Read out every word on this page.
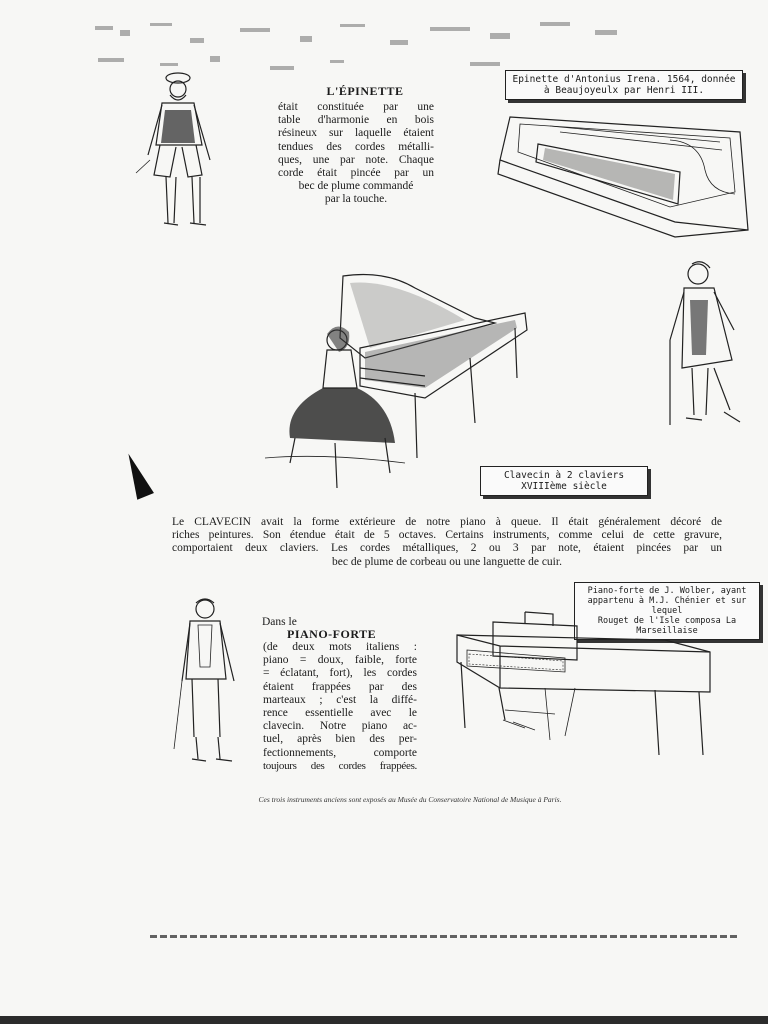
L'ÉPINETTE
était constituée par une
table d'harmonie en bois
résineux sur laquelle étaient
tendues des cordes métalli-
ques, une par note. Chaque
corde était pincée par un
bec de plume commandé
par la touche.
Epinette d'Antonius Irena. 1564, donnée
à Beaujoyeulx par Henri III.
Clavecin à 2 claviers
XVIIIème siècle
Le CLAVECIN avait la forme extérieure de notre piano à queue. Il était généralement décoré de
riches peintures. Son étendue était de 5 octaves. Certains instruments, comme celui de cette gravure,
comportaient deux claviers. Les cordes métalliques, 2 ou 3 par note, étaient pincées par un
bec de plume de corbeau ou une languette de cuir.
Dans le
PIANO-FORTE
(de deux mots italiens :
piano = doux, faible, forte
= éclatant, fort), les cordes
étaient frappées par des
marteaux ; c'est la diffé-
rence essentielle avec le
clavecin. Notre piano ac-
tuel, après bien des per-
fectionnements, comporte
toujours des cordes frappées.
Piano-forte de J. Wolber, ayant
appartenu à M.J. Chénier et sur lequel
Rouget de l'Isle composa La Marseillaise
Ces trois instruments anciens sont exposés au Musée du Conservatoire National de Musique à Paris.
